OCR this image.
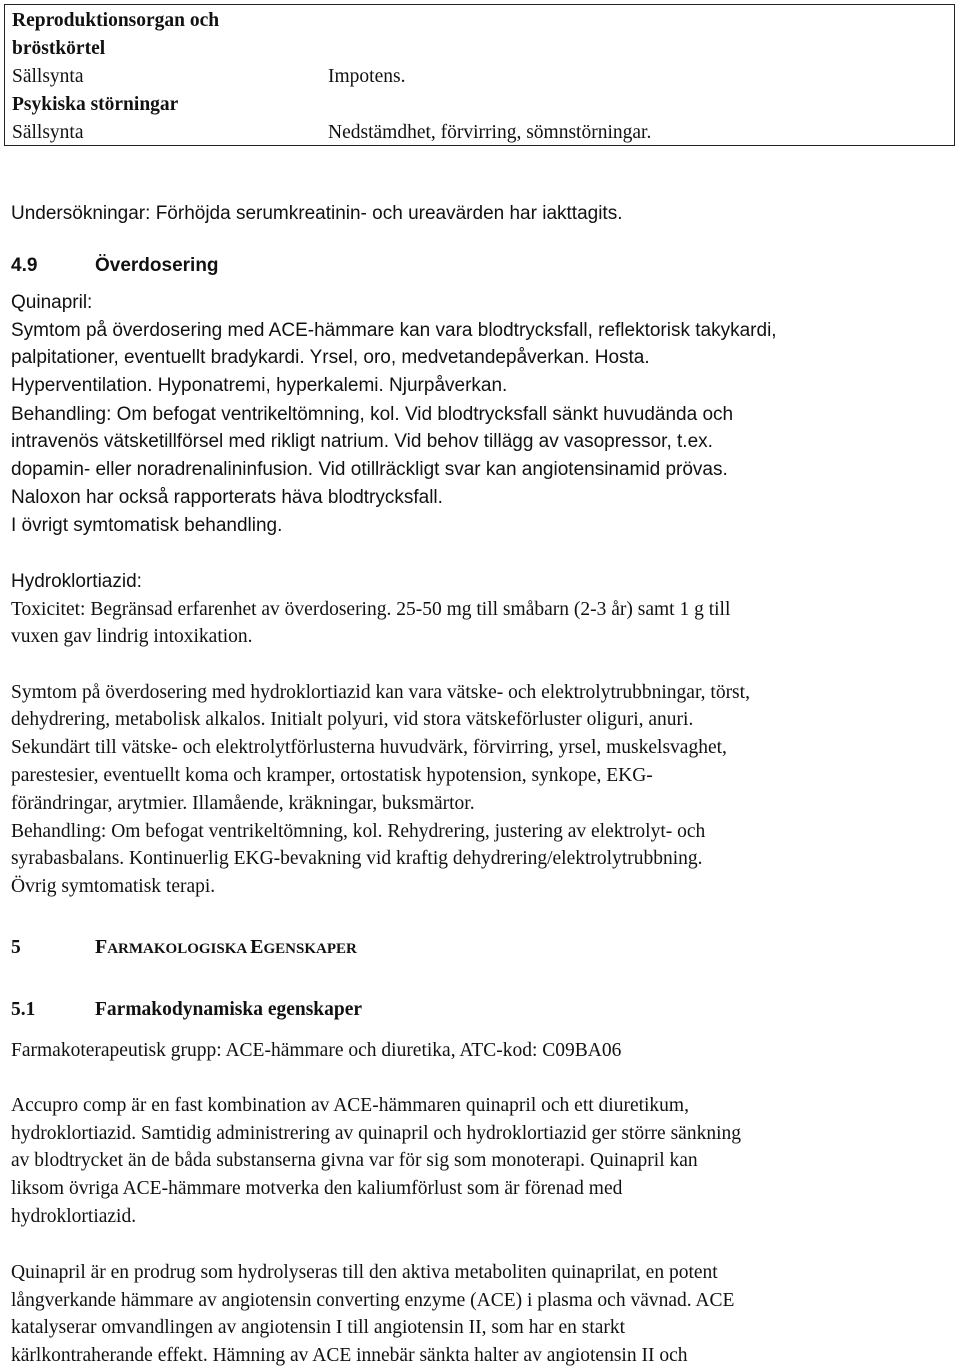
Reproduktionsorgan och
bröstkörtel
Sällsynta	Impotens.
Psykiska störningar
Sällsynta	Nedstämdhet, förvirring, sömnstörningar.
Undersökningar: Förhöjda serumkreatinin- och ureavärden har iakttagits.
4.9	Överdosering
Quinapril:
Symtom på överdosering med ACE-hämmare kan vara blodtrycksfall, reflektorisk takykardi,
palpitationer, eventuellt bradykardi. Yrsel, oro, medvetandepåverkan. Hosta.
Hyperventilation. Hyponatremi, hyperkalemi. Njurpåverkan.
Behandling: Om befogat ventrikeltömning, kol. Vid blodtrycksfall sänkt huvudända och
intravenös vätsketillförsel med rikligt natrium. Vid behov tillägg av vasopressor, t.ex.
dopamin- eller noradrenalininfusion. Vid otillräckligt svar kan angiotensinamid prövas.
Naloxon har också rapporterats häva blodtrycksfall.
I övrigt symtomatisk behandling.
Hydroklortiazid:
Toxicitet: Begränsad erfarenhet av överdosering. 25-50 mg till småbarn (2-3 år) samt 1 g till
vuxen gav lindrig intoxikation.
Symtom på överdosering med hydroklortiazid kan vara vätske- och elektrolytrubbningar, törst,
dehydrering, metabolisk alkalos. Initialt polyuri, vid stora vätskeförluster oliguri, anuri.
Sekundärt till vätske- och elektrolytförlusterna huvudvärk, förvirring, yrsel, muskelsvaghet,
parestesier, eventuellt koma och kramper, ortostatisk hypotension, synkope, EKG-
förändringar, arytmier. Illamående, kräkningar, buksmärtor.
Behandling: Om befogat ventrikeltömning, kol. Rehydrering, justering av elektrolyt- och
syrabasbalans. Kontinuerlig EKG-bevakning vid kraftig dehydrering/elektrolytrubbning.
Övrig symtomatisk terapi.
5	FARMAKOLOGISKA EGENSKAPER
5.1	Farmakodynamiska egenskaper
Farmakoterapeutisk grupp: ACE-hämmare och diuretika, ATC-kod: C09BA06
Accupro comp är en fast kombination av ACE-hämmaren quinapril och ett diuretikum,
hydroklortiazid. Samtidig administrering av quinapril och hydroklortiazid ger större sänkning
av blodtrycket än de båda substanserna givna var för sig som monoterapi. Quinapril kan
liksom övriga ACE-hämmare motverka den kaliumförlust som är förenad med
hydroklortiazid.
Quinapril är en prodrug som hydrolyseras till den aktiva metaboliten quinaprilat, en potent
långverkande hämmare av angiotensin converting enzyme (ACE) i plasma och vävnad. ACE
katalyserar omvandlingen av angiotensin I till angiotensin II, som har en starkt
kärlkontraherande effekt. Hämning av ACE innebär sänkta halter av angiotensin II och
